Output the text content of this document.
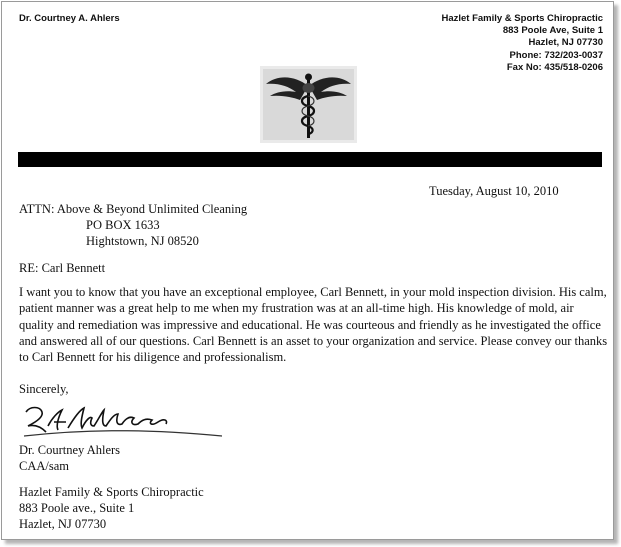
Dr. Courtney A. Ahlers	Hazlet Family & Sports Chiropractic
883 Poole Ave, Suite 1
Hazlet, NJ 07730
Phone: 732/203-0037
Fax No: 435/518-0206
Tuesday, August 10, 2010
ATTN: Above & Beyond Unlimited Cleaning
PO BOX 1633
Hightstown, NJ 08520
RE: Carl Bennett
I want you to know that you have an exceptional employee, Carl Bennett, in your mold inspection division. His calm, patient manner was a great help to me when my frustration was at an all-time high. His knowledge of mold, air quality and remediation was impressive and educational. He was courteous and friendly as he investigated the office and answered all of our questions. Carl Bennett is an asset to your organization and service. Please convey our thanks to Carl Bennett for his diligence and professionalism.
Sincerely,
Dr. Courtney Ahlers
CAA/sam
Hazlet Family & Sports Chiropractic
883 Poole ave., Suite 1
Hazlet, NJ 07730
